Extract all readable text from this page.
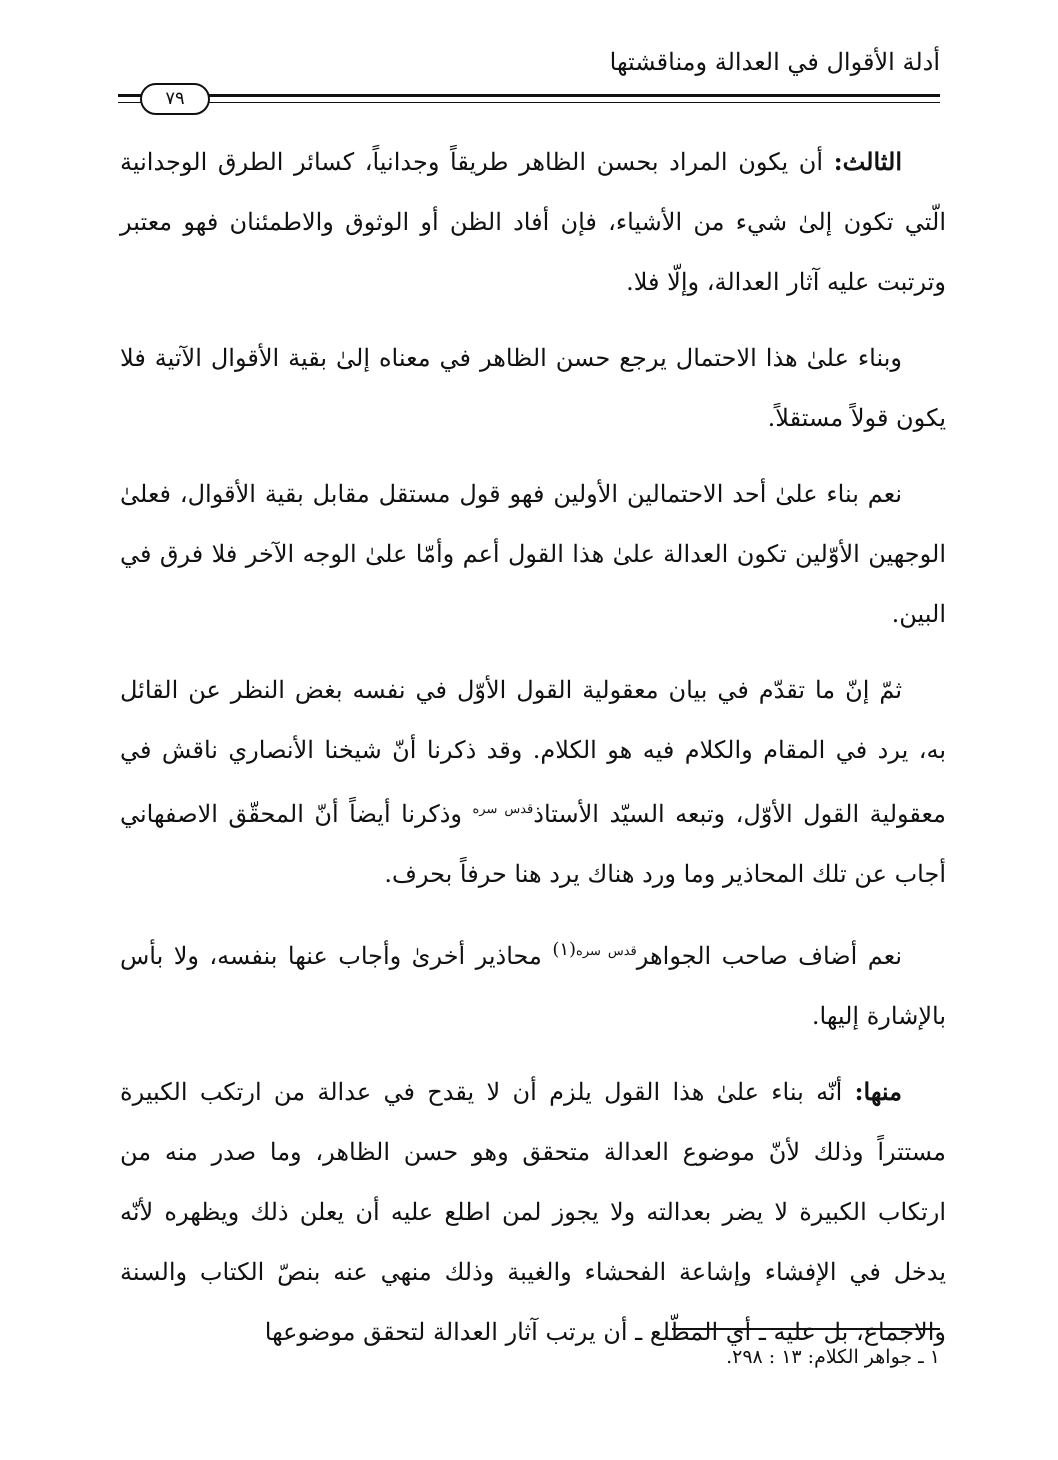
أدلة الأقوال في العدالة ومناقشتها
٧٩

الثالث: أن يكون المراد بحسن الظاهر طريقاً وجدانياً، كسائر الطرق الوجدانية الّتي تكون إلىٰ شيء من الأشياء، فإن أفاد الظن أو الوثوق والاطمئنان فهو معتبر وترتبت عليه آثار العدالة، وإلّا فلا.

وبناء علىٰ هذا الاحتمال يرجع حسن الظاهر في معناه إلىٰ بقية الأقوال الآتية فلا يكون قولاً مستقلاً.

نعم بناء علىٰ أحد الاحتمالين الأولين فهو قول مستقل مقابل بقية الأقوال، فعلىٰ الوجهين الأوّلين تكون العدالة علىٰ هذا القول أعم وأمّا علىٰ الوجه الآخر فلا فرق في البين.

ثمّ إنّ ما تقدّم في بيان معقولية القول الأوّل في نفسه بغض النظر عن القائل به، يرد في المقام والكلام فيه هو الكلام. وقد ذكرنا أنّ شيخنا الأنصاري ناقش في معقولية القول الأوّل، وتبعه السيّد الأستاذ$^{قدس سره}$ وذكرنا أيضاً أنّ المحقّق الاصفهاني أجاب عن تلك المحاذير وما ورد هناك يرد هنا حرفاً بحرف.

نعم أضاف صاحب الجواهر$^{قدس سره(١)}$ محاذير أخرىٰ وأجاب عنها بنفسه، ولا بأس بالإشارة إليها.

منها: أنّه بناء علىٰ هذا القول يلزم أن لا يقدح في عدالة من ارتكب الكبيرة مستتراً وذلك لأنّ موضوع العدالة متحقق وهو حسن الظاهر، وما صدر منه من ارتكاب الكبيرة لا يضر بعدالته ولا يجوز لمن اطلع عليه أن يعلن ذلك ويظهره لأنّه يدخل في الإفشاء وإشاعة الفحشاء والغيبة وذلك منهي عنه بنصّ الكتاب والسنة والاجماع، بل عليه ـ أي المطّلع ـ أن يرتب آثار العدالة لتحقق موضوعها

١ ـ جواهر الكلام: ١٣ : ٢٩٨.
